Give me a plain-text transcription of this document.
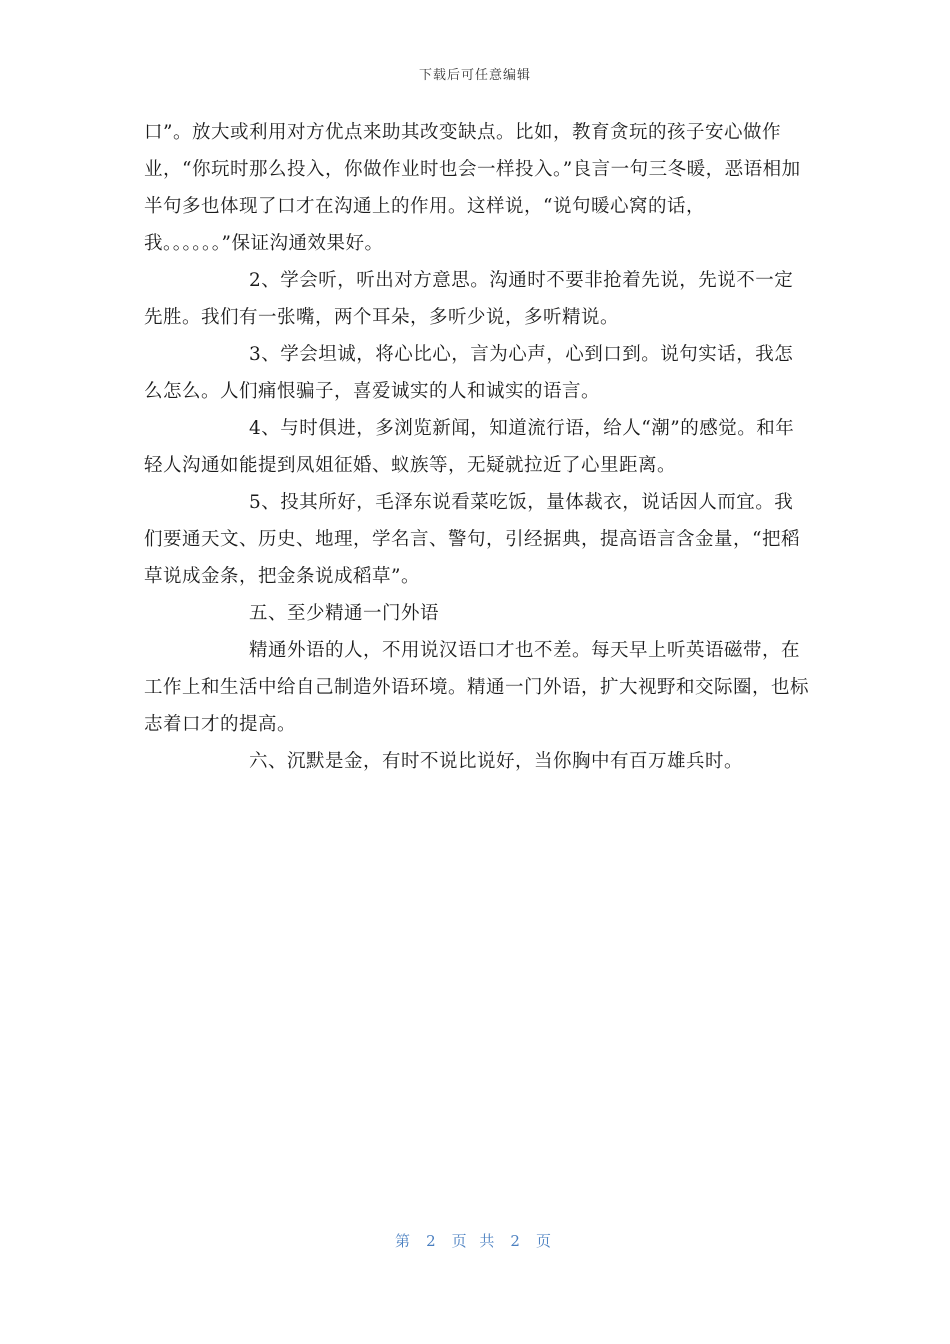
下载后可任意编辑

口”。放大或利用对方优点来助其改变缺点。比如，教育贪玩的孩子安心做作业，“你玩时那么投入，你做作业时也会一样投入。”良言一句三冬暖，恶语相加半句多也体现了口才在沟通上的作用。这样说，“说句暖心窝的话，我。。。。。。”保证沟通效果好。

2、学会听，听出对方意思。沟通时不要非抢着先说，先说不一定先胜。我们有一张嘴，两个耳朵，多听少说，多听精说。

3、学会坦诚，将心比心，言为心声，心到口到。说句实话，我怎么怎么。人们痛恨骗子，喜爱诚实的人和诚实的语言。

4、与时俱进，多浏览新闻，知道流行语，给人“潮”的感觉。和年轻人沟通如能提到凤姐征婚、蚁族等，无疑就拉近了心里距离。

5、投其所好，毛泽东说看菜吃饭，量体裁衣，说话因人而宜。我们要通天文、历史、地理，学名言、警句，引经据典，提高语言含金量，“把稻草说成金条，把金条说成稻草”。

五、至少精通一门外语

精通外语的人，不用说汉语口才也不差。每天早上听英语磁带，在工作上和生活中给自己制造外语环境。精通一门外语，扩大视野和交际圈，也标志着口才的提高。

六、沉默是金，有时不说比说好，当你胸中有百万雄兵时。

第 2 页 共 2 页
